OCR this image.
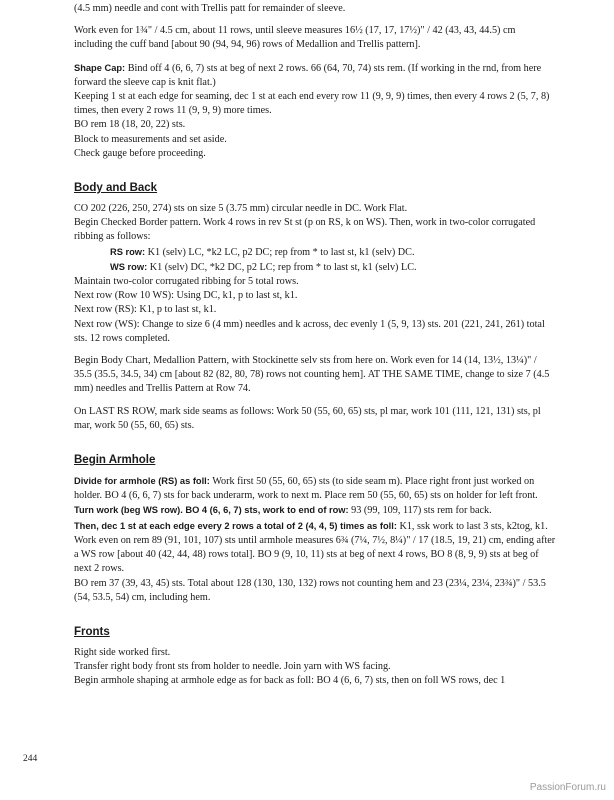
(4.5 mm) needle and cont with Trellis patt for remainder of sleeve.

Work even for 1¾" / 4.5 cm, about 11 rows, until sleeve measures 16½ (17, 17, 17½)" / 42 (43, 43, 44.5) cm including the cuff band [about 90 (94, 94, 96) rows of Medallion and Trellis pattern].

Shape Cap: Bind off 4 (6, 6, 7) sts at beg of next 2 rows. 66 (64, 70, 74) sts rem. (If working in the rnd, from here forward the sleeve cap is knit flat.)

Keeping 1 st at each edge for seaming, dec 1 st at each end every row 11 (9, 9, 9) times, then every 4 rows 2 (5, 7, 8) times, then every 2 rows 11 (9, 9, 9) more times.

BO rem 18 (18, 20, 22) sts.

Block to measurements and set aside.

Check gauge before proceeding.

Body and Back

CO 202 (226, 250, 274) sts on size 5 (3.75 mm) circular needle in DC. Work Flat.

Begin Checked Border pattern. Work 4 rows in rev St st (p on RS, k on WS). Then, work in two-color corrugated ribbing as follows:

RS row: K1 (selv) LC, *k2 LC, p2 DC; rep from * to last st, k1 (selv) DC.

WS row: K1 (selv) DC, *k2 DC, p2 LC; rep from * to last st, k1 (selv) LC.

Maintain two-color corrugated ribbing for 5 total rows.

Next row (Row 10 WS): Using DC, k1, p to last st, k1.

Next row (RS): K1, p to last st, k1.

Next row (WS): Change to size 6 (4 mm) needles and k across, dec evenly 1 (5, 9, 13) sts. 201 (221, 241, 261) total sts. 12 rows completed.

Begin Body Chart, Medallion Pattern, with Stockinette selv sts from here on. Work even for 14 (14, 13½, 13¼)" / 35.5 (35.5, 34.5, 34) cm [about 82 (82, 80, 78) rows not counting hem]. AT THE SAME TIME, change to size 7 (4.5 mm) needles and Trellis Pattern at Row 74.

On LAST RS ROW, mark side seams as follows: Work 50 (55, 60, 65) sts, pl mar, work 101 (111, 121, 131) sts, pl mar, work 50 (55, 60, 65) sts.

Begin Armhole

Divide for armhole (RS) as foll: Work first 50 (55, 60, 65) sts (to side seam m). Place right front just worked on holder. BO 4 (6, 6, 7) sts for back underarm, work to next m. Place rem 50 (55, 60, 65) sts on holder for left front.

Turn work (beg WS row). BO 4 (6, 6, 7) sts, work to end of row: 93 (99, 109, 117) sts rem for back.

Then, dec 1 st at each edge every 2 rows a total of 2 (4, 4, 5) times as foll: K1, ssk work to last 3 sts, k2tog, k1.

Work even on rem 89 (91, 101, 107) sts until armhole measures 6¾ (7¼, 7½, 8¼)" / 17 (18.5, 19, 21) cm, ending after a WS row [about 40 (42, 44, 48) rows total]. BO 9 (9, 10, 11) sts at beg of next 4 rows, BO 8 (8, 9, 9) sts at beg of next 2 rows.

BO rem 37 (39, 43, 45) sts. Total about 128 (130, 130, 132) rows not counting hem and 23 (23¼, 23¼, 23¾)" / 53.5 (54, 53.5, 54) cm, including hem.

Fronts

Right side worked first.

Transfer right body front sts from holder to needle. Join yarn with WS facing.

Begin armhole shaping at armhole edge as for back as foll: BO 4 (6, 6, 7) sts, then on foll WS rows, dec 1

244
PassionForum.ru
